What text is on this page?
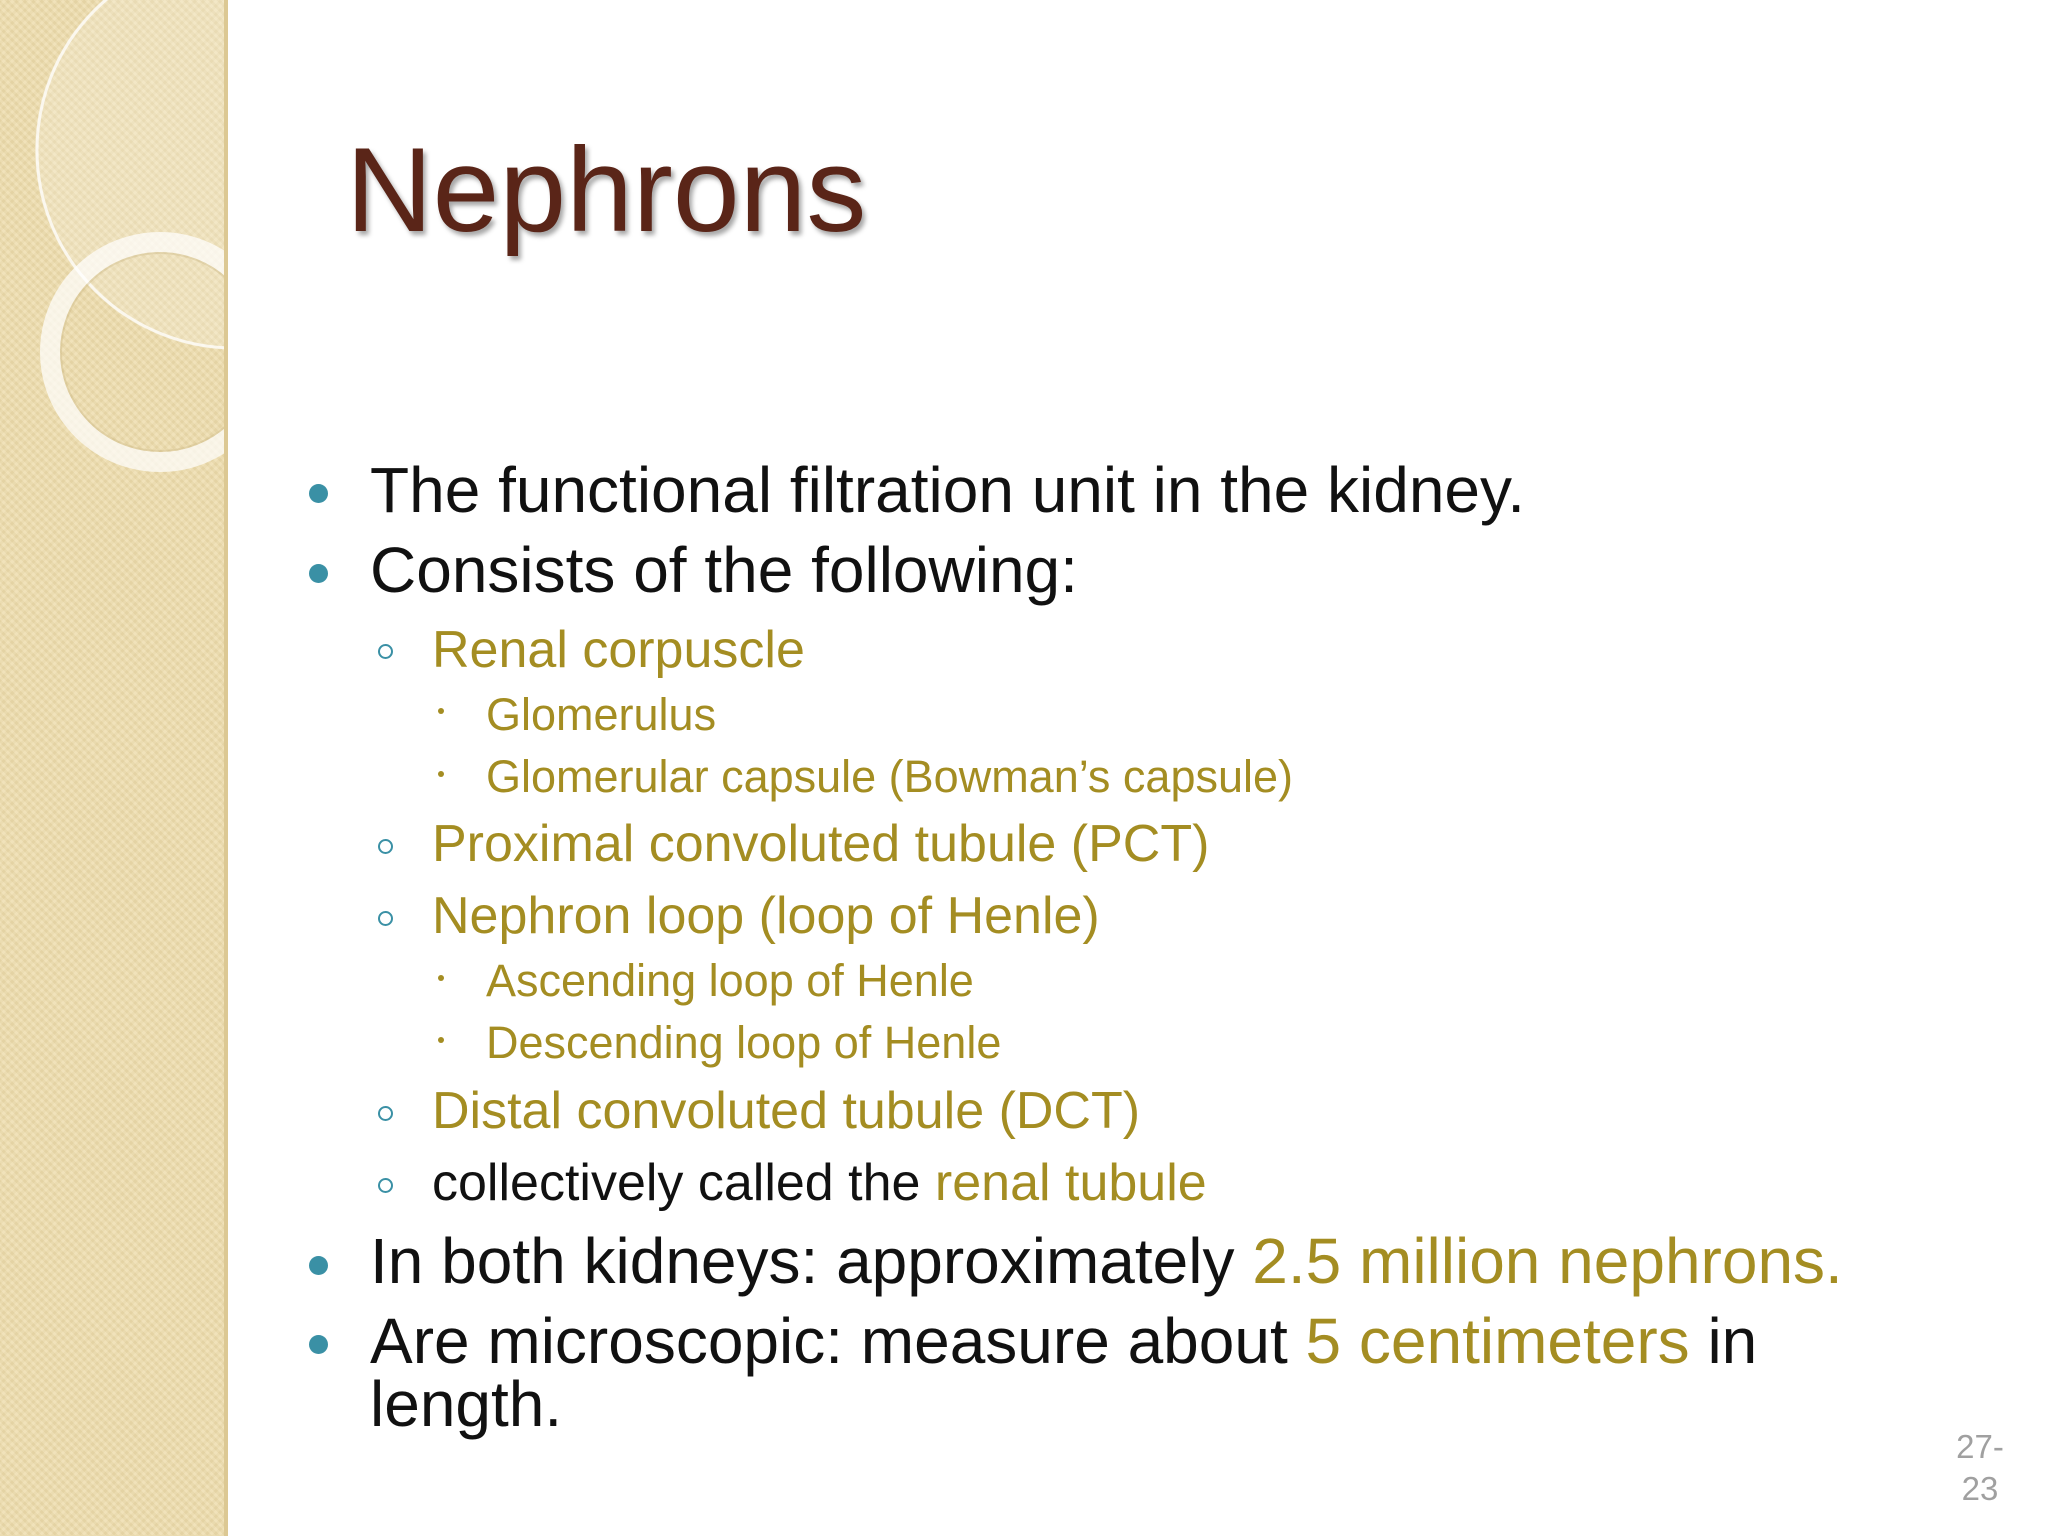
Nephrons
The functional filtration unit in the kidney.
Consists of the following:
Renal corpuscle
Glomerulus
Glomerular capsule (Bowman’s capsule)
Proximal convoluted tubule (PCT)
Nephron loop (loop of Henle)
Ascending loop of Henle
Descending loop of Henle
Distal convoluted tubule (DCT)
collectively called the renal tubule
In both kidneys: approximately 2.5 million nephrons.
Are microscopic: measure about 5 centimeters in
length.
27-
23
